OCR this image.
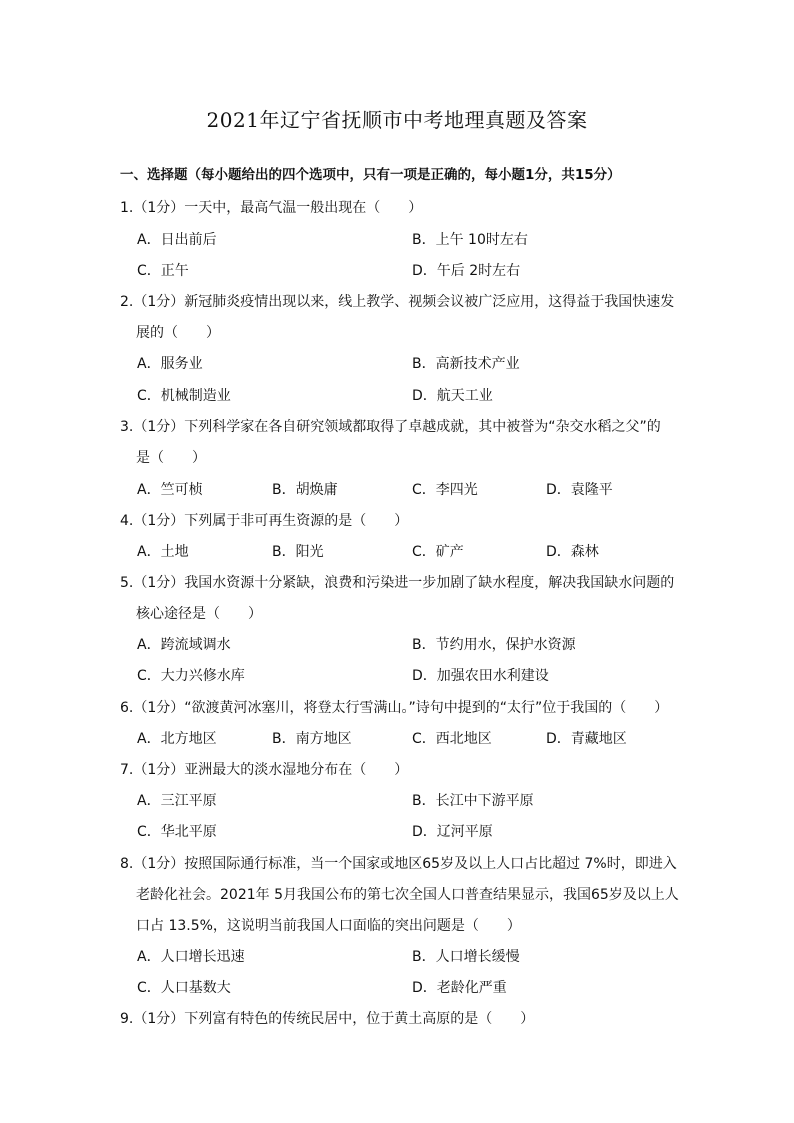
2021年辽宁省抚顺市中考地理真题及答案
一、选择题（每小题给出的四个选项中，只有一项是正确的，每小题1分，共15分）
1.（1分）一天中，最高气温一般出现在（　　）
A．日出前后	B．上午 10时左右
C．正午	D．午后 2时左右
2.（1分）新冠肺炎疫情出现以来，线上教学、视频会议被广泛应用，这得益于我国快速发
展的（　　）
A．服务业	B．高新技术产业
C．机械制造业	D．航天工业
3.（1分）下列科学家在各自研究领域都取得了卓越成就，其中被誉为“杂交水稻之父”的
是（　　）
A．竺可桢	B．胡焕庸	C．李四光	D．袁隆平
4.（1分）下列属于非可再生资源的是（　　）
A．土地	B．阳光	C．矿产	D．森林
5.（1分）我国水资源十分紧缺，浪费和污染进一步加剧了缺水程度，解决我国缺水问题的
核心途径是（　　）
A．跨流域调水	B．节约用水，保护水资源
C．大力兴修水库	D．加强农田水利建设
6.（1分）“欲渡黄河冰塞川，将登太行雪满山。”诗句中提到的“太行”位于我国的（　　）
A．北方地区	B．南方地区	C．西北地区	D．青藏地区
7.（1分）亚洲最大的淡水湿地分布在（　　）
A．三江平原	B．长江中下游平原
C．华北平原	D．辽河平原
8.（1分）按照国际通行标准，当一个国家或地区65岁及以上人口占比超过 7%时，即进入
老龄化社会。2021年 5月我国公布的第七次全国人口普查结果显示，我国65岁及以上人
口占 13.5%，这说明当前我国人口面临的突出问题是（　　）
A．人口增长迅速	B．人口增长缓慢
C．人口基数大	D．老龄化严重
9.（1分）下列富有特色的传统民居中，位于黄土高原的是（　　）
